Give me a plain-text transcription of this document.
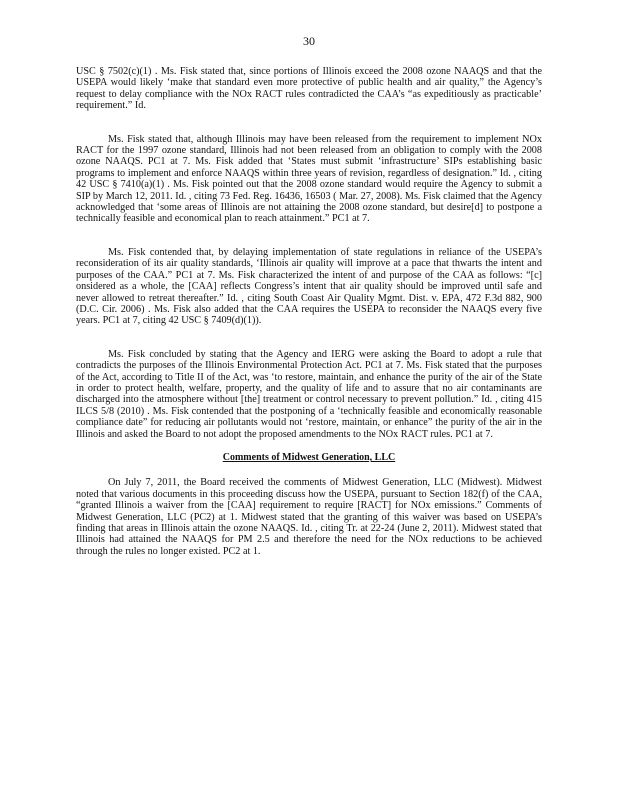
30

USC § 7502(c)(1) . Ms. Fisk stated that, since portions of Illinois exceed the 2008 ozone NAAQS and that the USEPA would likely ‘make that standard even more protective of public health and air quality,” the Agency’s request to delay compliance with the NOx RACT rules contradicted the CAA’s “as expeditiously as practicable’ requirement.” Id.

Ms. Fisk stated that, although Illinois may have been released from the requirement to implement NOx RACT for the 1997 ozone standard, Illinois had not been released from an obligation to comply with the 2008 ozone NAAQS. PC1 at 7. Ms. Fisk added that ‘States must submit ‘infrastructure’ SIPs establishing basic programs to implement and enforce NAAQS within three years of revision, regardless of designation.” Id. , citing 42 USC § 7410(a)(1) . Ms. Fisk pointed out that the 2008 ozone standard would require the Agency to submit a SIP by March 12, 2011. Id. , citing 73 Fed. Reg. 16436, 16503 ( Mar. 27, 2008). Ms. Fisk claimed that the Agency acknowledged that ‘some areas of Illinois are not attaining the 2008 ozone standard, but desire[d] to postpone a technically feasible and economical plan to reach attainment.” PC1 at 7.

Ms. Fisk contended that, by delaying implementation of state regulations in reliance of the USEPA’s reconsideration of its air quality standards, ‘Illinois air quality will improve at a pace that thwarts the intent and purposes of the CAA.” PC1 at 7. Ms. Fisk characterized the intent of and purpose of the CAA as follows: “[c] onsidered as a whole, the [CAA] reflects Congress’s intent that air quality should be improved until safe and never allowed to retreat thereafter.” Id. , citing South Coast Air Quality Mgmt. Dist. v. EPA, 472 F.3d 882, 900 (D.C. Cir. 2006) . Ms. Fisk also added that the CAA requires the USEPA to reconsider the NAAQS every five years. PC1 at 7, citing 42 USC § 7409(d)(1)).

Ms. Fisk concluded by stating that the Agency and IERG were asking the Board to adopt a rule that contradicts the purposes of the Illinois Environmental Protection Act. PC1 at 7. Ms. Fisk stated that the purposes of the Act, according to Title II of the Act, was ‘to restore, maintain, and enhance the purity of the air of the State in order to protect health, welfare, property, and the quality of life and to assure that no air contaminants are discharged into the atmosphere without [the] treatment or control necessary to prevent pollution.” Id. , citing 415 ILCS 5/8 (2010) . Ms. Fisk contended that the postponing of a ‘technically feasible and economically reasonable compliance date” for reducing air pollutants would not ‘restore, maintain, or enhance” the purity of the air in the Illinois and asked the Board to not adopt the proposed amendments to the NOx RACT rules. PC1 at 7.

Comments of Midwest Generation, LLC

On July 7, 2011, the Board received the comments of Midwest Generation, LLC (Midwest). Midwest noted that various documents in this proceeding discuss how the USEPA, pursuant to Section 182(f) of the CAA, “granted Illinois a waiver from the [CAA] requirement to require [RACT] for NOx emissions.” Comments of Midwest Generation, LLC (PC2) at 1. Midwest stated that the granting of this waiver was based on USEPA’s finding that areas in Illinois attain the ozone NAAQS. Id. , citing Tr. at 22-24 (June 2, 2011). Midwest stated that Illinois had attained the NAAQS for PM 2.5 and therefore the need for the NOx reductions to be achieved through the rules no longer existed. PC2 at 1.
